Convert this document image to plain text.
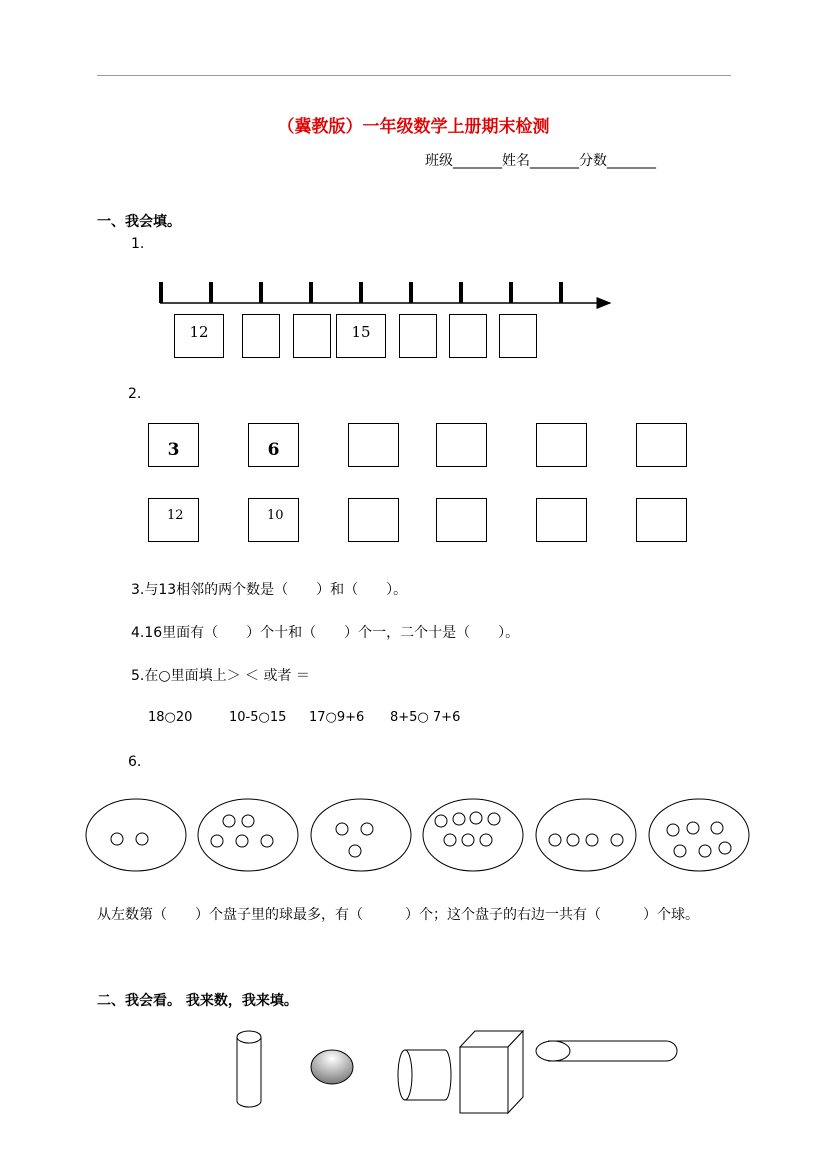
（冀教版）一年级数学上册期末检测
班级_______姓名_______分数_______
一、我会填。
1.
12	15
2.
3	6
12	10
3.与13相邻的两个数是（　　）和（　　）。
4.16里面有（　　）个十和（　　）个一，二个十是（　　）。
5.在○里面填上＞ ＜ 或者 ＝
18○20	10-5○15 17○9+6 8+5○ 7+6
6.
从左数第（　　）个盘子里的球最多，有（　　　）个；这个盘子的右边一共有（　　　）个球。
二、我会看。 我来数，我来填。
